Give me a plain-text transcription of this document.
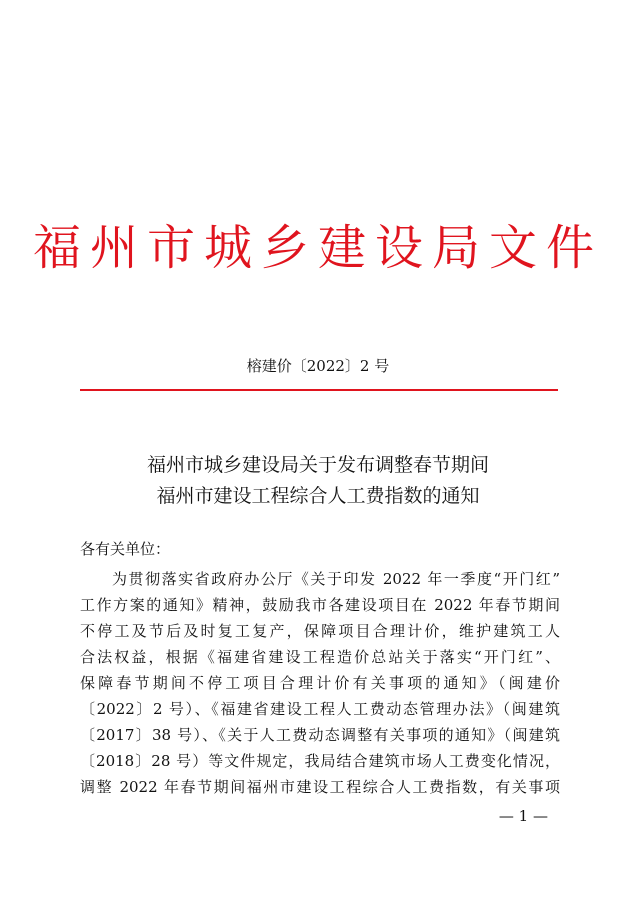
福州市城乡建设局文件
榕建价〔2022〕2 号
福州市城乡建设局关于发布调整春节期间
福州市建设工程综合人工费指数的通知
各有关单位：
为贯彻落实省政府办公厅《关于印发 2022 年一季度“开门红”
工作方案的通知》精神，鼓励我市各建设项目在 2022 年春节期间
不停工及节后及时复工复产，保障项目合理计价，维护建筑工人
合法权益，根据《福建省建设工程造价总站关于落实“开门红”、
保障春节期间不停工项目合理计价有关事项的通知》（闽建价
〔2022〕2 号）、《福建省建设工程人工费动态管理办法》（闽建筑
〔2017〕38 号）、《关于人工费动态调整有关事项的通知》（闽建筑
〔2018〕28 号）等文件规定，我局结合建筑市场人工费变化情况，
调整 2022 年春节期间福州市建设工程综合人工费指数，有关事项
— 1 —
